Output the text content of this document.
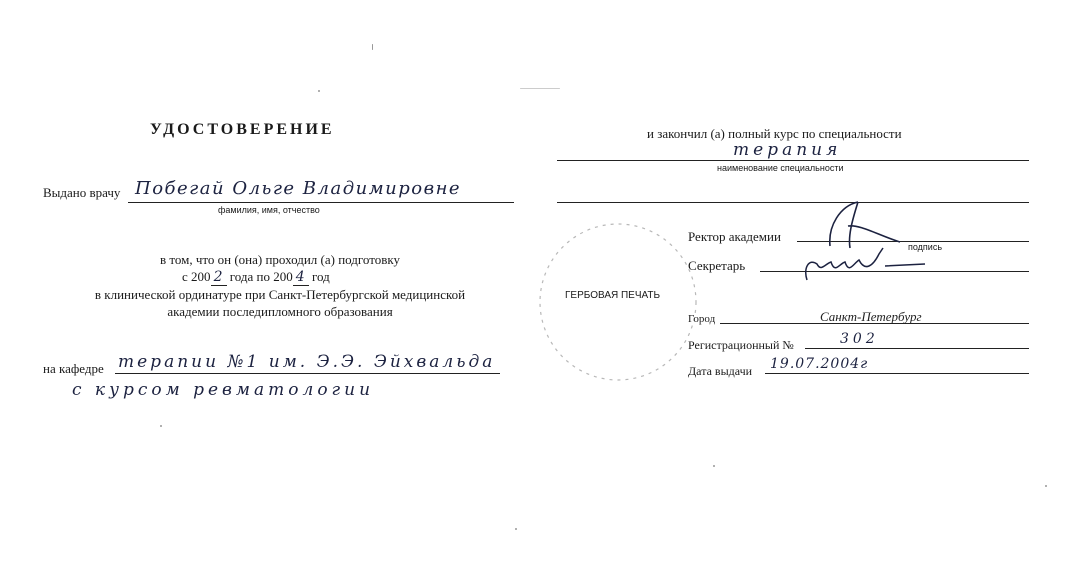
УДОСТОВЕРЕНИЕ
Выдано врачу Побегай Ольге Владимировне
фамилия, имя, отчество
в том, что он (она) проходил (а) подготовку
с 200 2 года по 200 4 год
в клинической ординатуре при Санкт-Петербургской медицинской
академии последипломного образования
на кафедре терапии №1 им. Э.Э. Эйхвальда
с курсом ревматологии
и закончил (а) полный курс по специальности
терапия
наименование специальности
ГЕРБОВАЯ ПЕЧАТЬ
Ректор академии
подпись
Секретарь
Город	Санкт-Петербург
Регистрационный №	302
Дата выдачи 19.07.2004г
